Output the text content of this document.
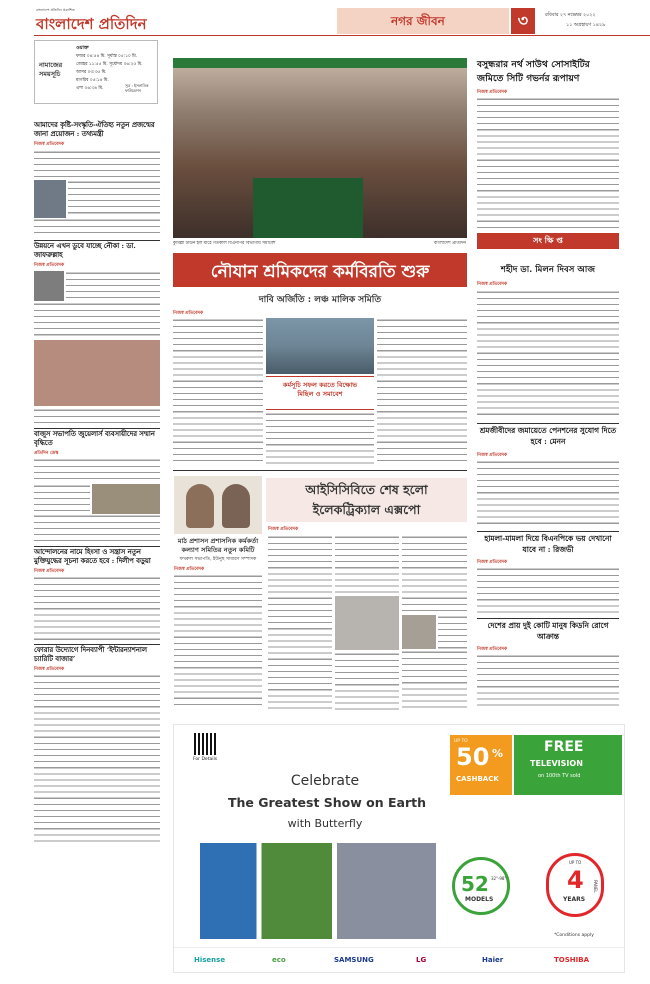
বাংলাদেশ প্রতিদিন প্রকাশিত
বাংলাদেশ প্রতিদিন	নগর জীবন	৩	রবিবার ২৭ নভেম্বর ২০২২
১১ অগ্রহায়ণ ১৪২৯
নামাজের সময়সূচি
ওয়াক্ত
ফজর ০৪:৫৪ মি. সূর্যাস্ত ০৫:১০ মি.
জোহর ১১:৫৫ মি. সূর্যোদয় ০৬:২৫ মি.
আসর ০৩:৩৫ মি.
মাগরিব ০৫:১৪ মি.
এশা ০৬:৩৪ মি.
সূত্র : ইসলামিক ফাউন্ডেশন
আমাদের কৃষ্টি-সংস্কৃতি-ঐতিহ্য নতুন প্রজন্মের জানা প্রয়োজন : তথ্যমন্ত্রী
নিজস্ব প্রতিবেদক
উন্নয়নে এখন ডুবে যাচ্ছে নৌকা : ডা. জাফরুল্লাহ
নিজস্ব প্রতিবেদক
বাজুস সভাপতি জুয়েলার্স ব্যবসায়ীদের সম্মান বৃদ্ধিতে
প্রতিদিন ডেস্ক
আন্দোলনের নামে হিংসা ও সন্ত্রাস নতুন মুক্তিযুদ্ধের সূচনা করতে হবে : দিলীপ বড়ুয়া
নিজস্ব প্রতিবেদক
ফোরার উদ্যোগে দিনব্যাপী ‘ইন্টারন্যাশনাল চ্যারিটি বাজার’
নিজস্ব প্রতিবেদক
কুমিল্লা টাউন হল মাঠে গতকাল বিএনপির বিভাগীয় সমাবেশ	বাংলাদেশ প্রতিদিন
নৌযান শ্রমিকদের কর্মবিরতি শুরু
দাবি অর্জিতি : লঞ্চ মালিক সমিতি
নিজস্ব প্রতিবেদক
কর্মসূচি সফল করতে বিক্ষোভ মিছিল ও সমাবেশ
মাঠ প্রশাসন প্রশাসনিক কর্মকর্তা কল্যাণ সমিতির নতুন কমিটি
ফখরুল সভাপতি, ইউনুছ সাধারণ সম্পাদক
নিজস্ব প্রতিবেদক
আইসিসিবিতে শেষ হলো ইলেকট্রিক্যাল এক্সপো
নিজস্ব প্রতিবেদক
বসুন্ধরার নর্থ সাউথ সোসাইটির জমিতে সিটি গভর্নর রূপায়ণ
নিজস্ব প্রতিবেদক
সং ক্ষি প্ত
শহীদ ডা. মিলন দিবস আজ
নিজস্ব প্রতিবেদক
শ্রমজীবীদের জমায়েতে পেনশনের সুযোগ দিতে হবে : মেনন
নিজস্ব প্রতিবেদক
হামলা-মামলা দিয়ে বিএনপিকে ভয় দেখানো যাবে না : রিজভী
নিজস্ব প্রতিবেদক
দেশের প্রায় দুই কোটি মানুষ কিডনি রোগে আক্রান্ত
নিজস্ব প্রতিবেদক
For Details
Celebrate
The Greatest Show on Earth
with Butterfly
UP TO
50 %
CASHBACK
FREE
TELEVISION
on 100th TV sold
52 32"-98"
MODELS
UP TO
4
YEARS
PANEL
*Conditions apply
Hisense	eco	SAMSUNG	LG	Haier	TOSHIBA
